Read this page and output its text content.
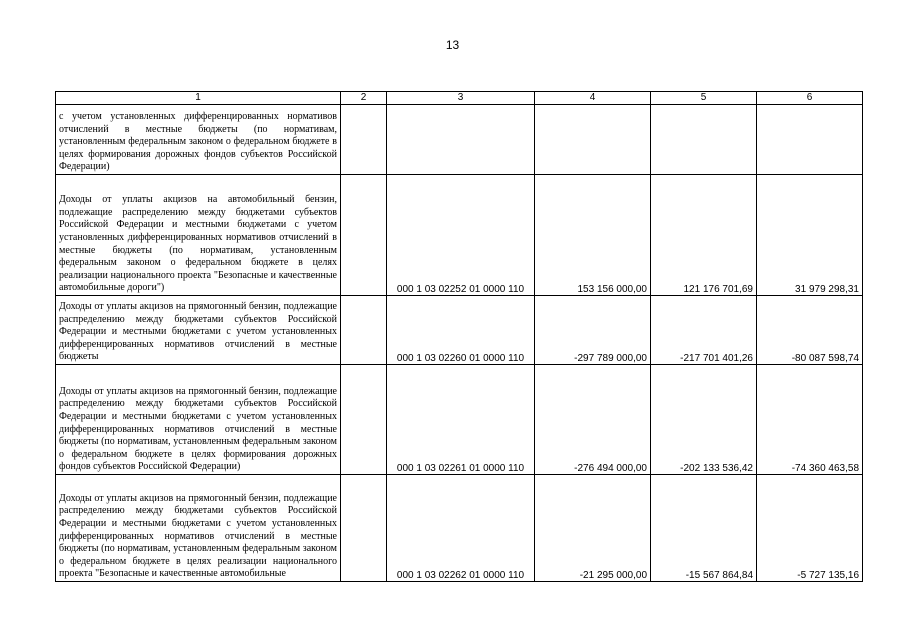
13
1	2	3	4	5	6
с учетом установленных дифференцированных нормативов отчислений в местные бюджеты (по нормативам, установленным федеральным законом о федеральном бюджете в целях формирования дорожных фондов субъектов Российской Федерации)					
Доходы от уплаты акцизов на автомобильный бензин, подлежащие распределению между бюджетами субъектов Российской Федерации и местными бюджетами с учетом установленных дифференцированных нормативов отчислений в местные бюджеты (по нормативам, установленным федеральным законом о федеральном бюджете в целях реализации национального проекта "Безопасные и качественные автомобильные дороги")		000 1 03 02252 01 0000 110	153 156 000,00	121 176 701,69	31 979 298,31
Доходы от уплаты акцизов на прямогонный бензин, подлежащие распределению между бюджетами субъектов Российской Федерации и местными бюджетами с учетом установленных дифференцированных нормативов отчислений в местные бюджеты		000 1 03 02260 01 0000 110	-297 789 000,00	-217 701 401,26	-80 087 598,74
Доходы от уплаты акцизов на прямогонный бензин, подлежащие распределению между бюджетами субъектов Российской Федерации и местными бюджетами с учетом установленных дифференцированных нормативов отчислений в местные бюджеты (по нормативам, установленным федеральным законом о федеральном бюджете в целях формирования дорожных фондов субъектов Российской Федерации)		000 1 03 02261 01 0000 110	-276 494 000,00	-202 133 536,42	-74 360 463,58
Доходы от уплаты акцизов на прямогонный бензин, подлежащие распределению между бюджетами субъектов Российской Федерации и местными бюджетами с учетом установленных дифференцированных нормативов отчислений в местные бюджеты (по нормативам, установленным федеральным законом о федеральном бюджете в целях реализации национального проекта "Безопасные и качественные автомобильные		000 1 03 02262 01 0000 110	-21 295 000,00	-15 567 864,84	-5 727 135,16
